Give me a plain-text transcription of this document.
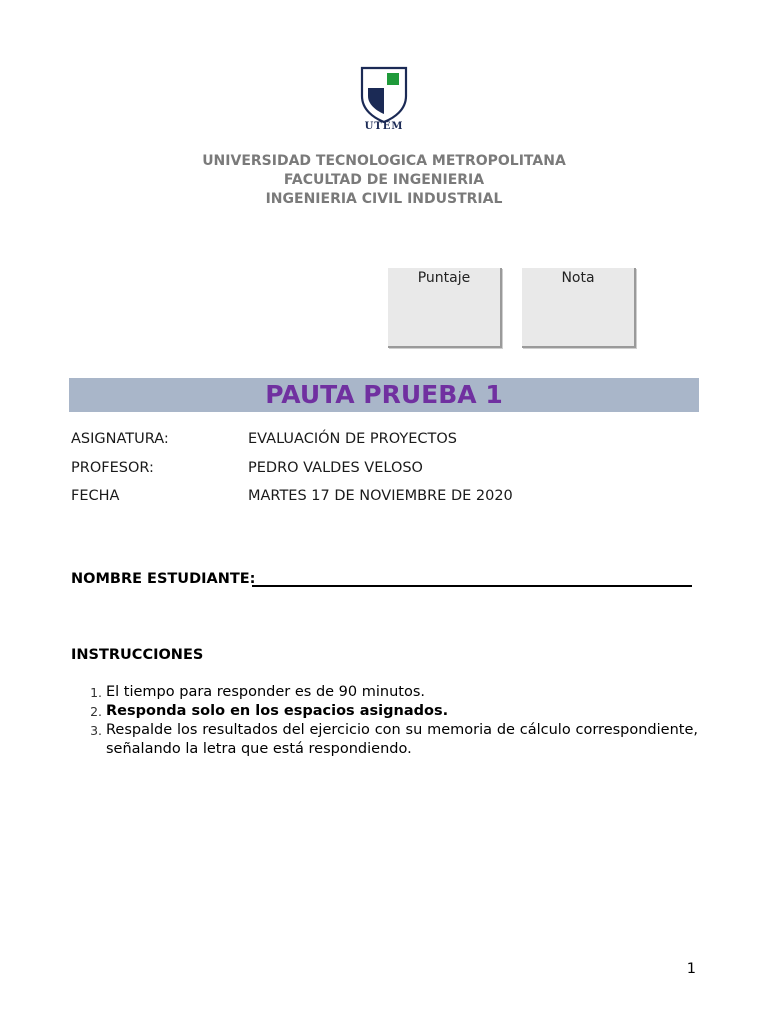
UTEM
UNIVERSIDAD TECNOLOGICA METROPOLITANA
FACULTAD DE INGENIERIA
INGENIERIA CIVIL INDUSTRIAL
Puntaje	Nota
PAUTA PRUEBA 1
ASIGNATURA:	EVALUACIÓN DE PROYECTOS
PROFESOR:	PEDRO VALDES VELOSO
FECHA	MARTES 17 DE NOVIEMBRE DE 2020
NOMBRE ESTUDIANTE:
INSTRUCCIONES
1. El tiempo para responder es de 90 minutos.
2. Responda solo en los espacios asignados.
3. Respalde los resultados del ejercicio con su memoria de cálculo correspondiente,
señalando la letra que está respondiendo.
1
